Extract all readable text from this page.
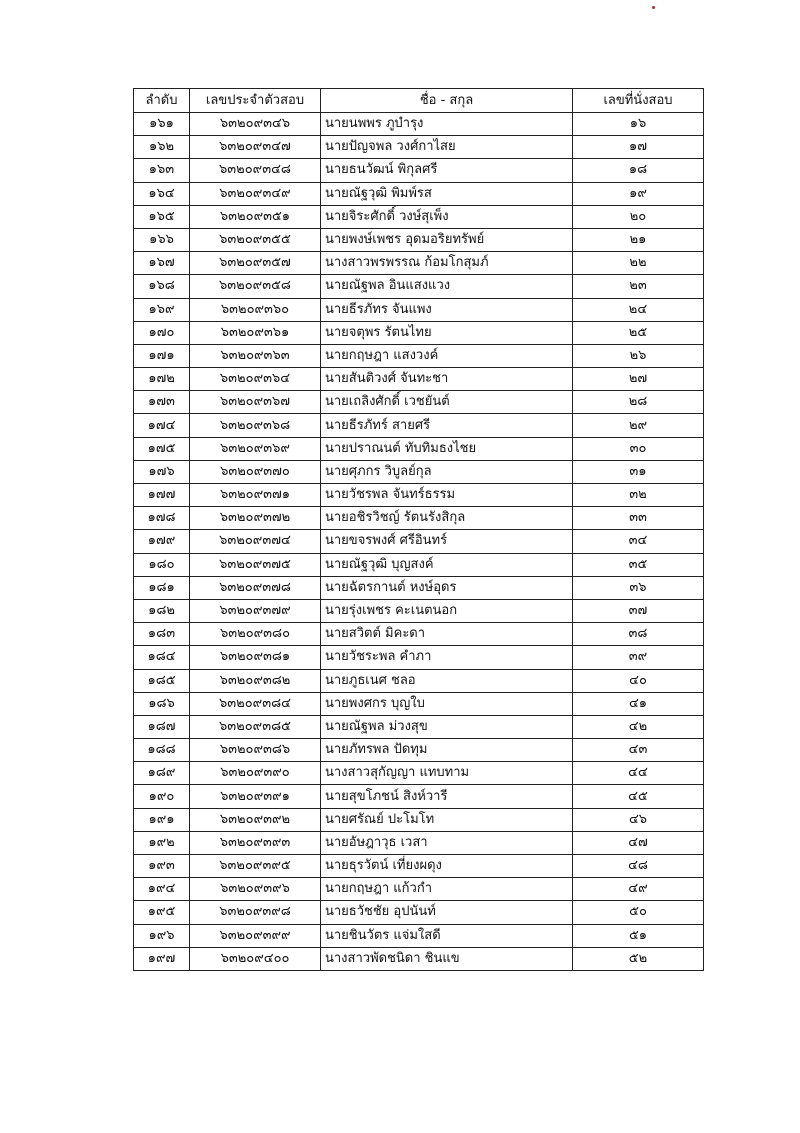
ลำดับ	เลขประจำตัวสอบ	ชื่อ - สกุล	เลขที่นั่งสอบ
๑๖๑	๖๓๒๐๙๓๔๖	นายนพพร ภูบำรุง	๑๖
๑๖๒	๖๓๒๐๙๓๔๗	นายปัญจพล วงศ์กาไสย	๑๗
๑๖๓	๖๓๒๐๙๓๔๘	นายธนวัฒน์ พิกุลศรี	๑๘
๑๖๔	๖๓๒๐๙๓๔๙	นายณัฐวุฒิ พิมพ์รส	๑๙
๑๖๕	๖๓๒๐๙๓๕๑	นายจิระศักดิ์ วงษ์สุเพ็ง	๒๐
๑๖๖	๖๓๒๐๙๓๕๕	นายพงษ์เพชร อุดมอริยทรัพย์	๒๑
๑๖๗	๖๓๒๐๙๓๕๗	นางสาวพรพรรณ ก้อมโกสุมภ์	๒๒
๑๖๘	๖๓๒๐๙๓๕๘	นายณัฐพล อินแสงแวง	๒๓
๑๖๙	๖๓๒๐๙๓๖๐	นายธีรภัทร จันแพง	๒๔
๑๗๐	๖๓๒๐๙๓๖๑	นายจตุพร รัตนไทย	๒๕
๑๗๑	๖๓๒๐๙๓๖๓	นายกฤษฎา แสงวงค์	๒๖
๑๗๒	๖๓๒๐๙๓๖๔	นายสันติวงศ์ จันทะชา	๒๗
๑๗๓	๖๓๒๐๙๓๖๗	นายเถลิงศักดิ์ เวชยันต์	๒๘
๑๗๔	๖๓๒๐๙๓๖๘	นายธีรภัทร์ สายศรี	๒๙
๑๗๕	๖๓๒๐๙๓๖๙	นายปราณนต์ ทับทิมธงไชย	๓๐
๑๗๖	๖๓๒๐๙๓๗๐	นายศุภกร วิบูลย์กุล	๓๑
๑๗๗	๖๓๒๐๙๓๗๑	นายวัชรพล จันทร์ธรรม	๓๒
๑๗๘	๖๓๒๐๙๓๗๒	นายอชิรวิชญ์ รัตนรังสิกุล	๓๓
๑๗๙	๖๓๒๐๙๓๗๔	นายขจรพงศ์ ศรีอินทร์	๓๔
๑๘๐	๖๓๒๐๙๓๗๕	นายณัฐวุฒิ บุญสงค์	๓๕
๑๘๑	๖๓๒๐๙๓๗๘	นายฉัตรกานต์ หงษ์อุดร	๓๖
๑๘๒	๖๓๒๐๙๓๗๙	นายรุ่งเพชร คะเนตนอก	๓๗
๑๘๓	๖๓๒๐๙๓๘๐	นายสวิตต์ มิคะดา	๓๘
๑๘๔	๖๓๒๐๙๓๘๑	นายวัชระพล คำภา	๓๙
๑๘๕	๖๓๒๐๙๓๘๒	นายภูธเนศ ชลอ	๔๐
๑๘๖	๖๓๒๐๙๓๘๔	นายพงศกร บุญใบ	๔๑
๑๘๗	๖๓๒๐๙๓๘๕	นายณัฐพล ม่วงสุข	๔๒
๑๘๘	๖๓๒๐๙๓๘๖	นายภัทรพล ปัดทุม	๔๓
๑๘๙	๖๓๒๐๙๓๙๐	นางสาวสุกัญญา แทบทาม	๔๔
๑๙๐	๖๓๒๐๙๓๙๑	นายสุขโภชน์ สิงห์วารี	๔๕
๑๙๑	๖๓๒๐๙๓๙๒	นายศรัณย์ ปะโมโท	๔๖
๑๙๒	๖๓๒๐๙๓๙๓	นายอัษฎาวุธ เวสา	๔๗
๑๙๓	๖๓๒๐๙๓๙๕	นายธุรวัตน์ เที่ยงผดุง	๔๘
๑๙๔	๖๓๒๐๙๓๙๖	นายกฤษฎา แก้วกำ	๔๙
๑๙๕	๖๓๒๐๙๓๙๘	นายธวัชชัย อุปนันท์	๕๐
๑๙๖	๖๓๒๐๙๓๙๙	นายชินวัตร แจ่มใสดี	๕๑
๑๙๗	๖๓๒๐๙๔๐๐	นางสาวพัดชนิดา ชินแข	๕๒
